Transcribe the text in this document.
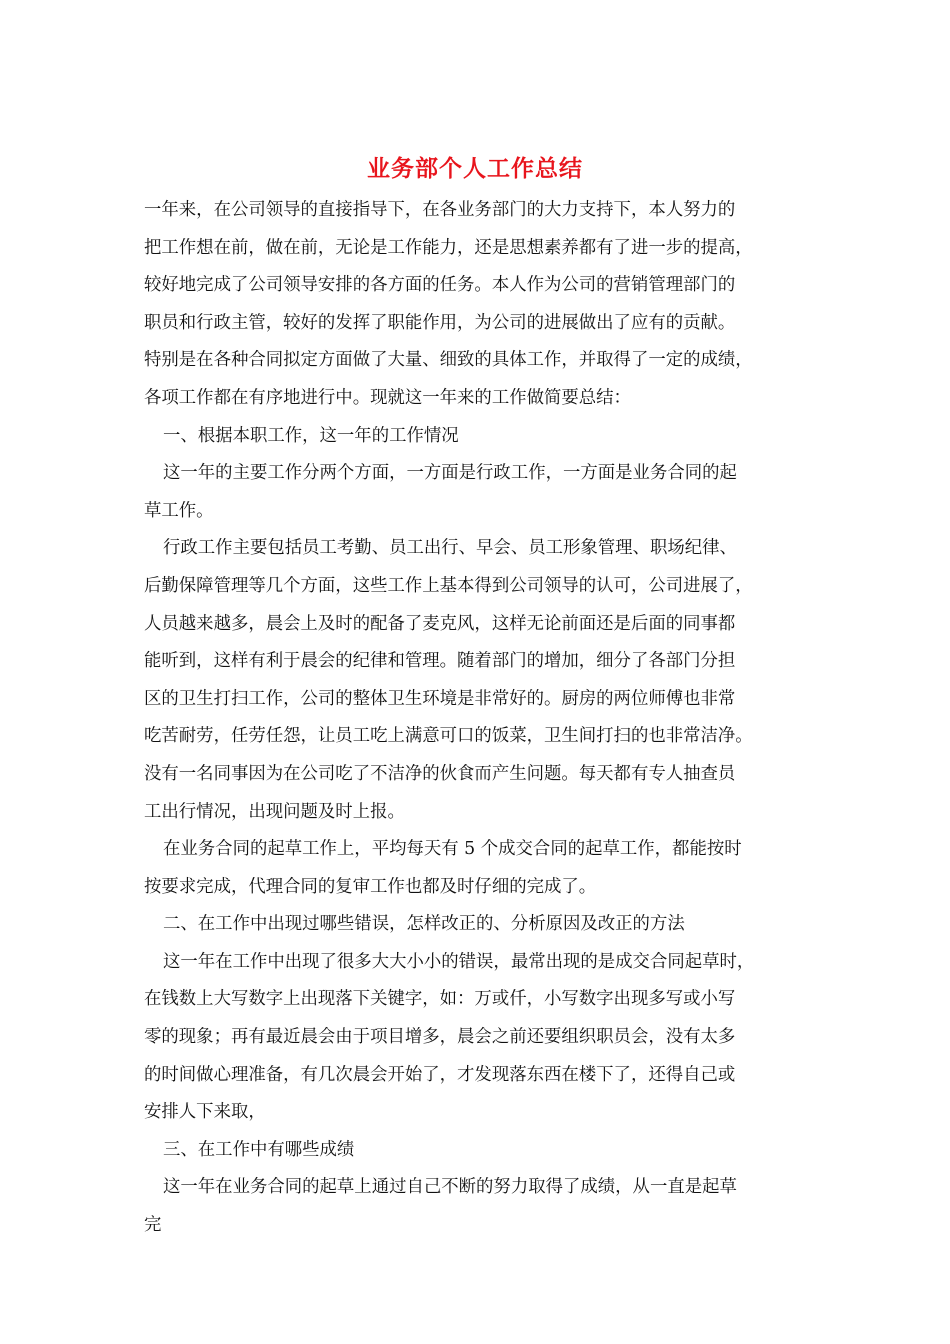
业务部个人工作总结
一年来，在公司领导的直接指导下，在各业务部门的大力支持下，本人努力的
把工作想在前，做在前，无论是工作能力，还是思想素养都有了进一步的提高，
较好地完成了公司领导安排的各方面的任务。本人作为公司的营销管理部门的
职员和行政主管，较好的发挥了职能作用，为公司的进展做出了应有的贡献。
特别是在各种合同拟定方面做了大量、细致的具体工作，并取得了一定的成绩，
各项工作都在有序地进行中。现就这一年来的工作做简要总结：
一、根据本职工作，这一年的工作情况
这一年的主要工作分两个方面，一方面是行政工作，一方面是业务合同的起
草工作。
行政工作主要包括员工考勤、员工出行、早会、员工形象管理、职场纪律、
后勤保障管理等几个方面，这些工作上基本得到公司领导的认可，公司进展了，
人员越来越多，晨会上及时的配备了麦克风，这样无论前面还是后面的同事都
能听到，这样有利于晨会的纪律和管理。随着部门的增加，细分了各部门分担
区的卫生打扫工作，公司的整体卫生环境是非常好的。厨房的两位师傅也非常
吃苦耐劳，任劳任怨，让员工吃上满意可口的饭菜，卫生间打扫的也非常洁净。
没有一名同事因为在公司吃了不洁净的伙食而产生问题。每天都有专人抽查员
工出行情况，出现问题及时上报。
在业务合同的起草工作上，平均每天有 5 个成交合同的起草工作，都能按时
按要求完成，代理合同的复审工作也都及时仔细的完成了。
二、在工作中出现过哪些错误，怎样改正的、分析原因及改正的方法
这一年在工作中出现了很多大大小小的错误，最常出现的是成交合同起草时，
在钱数上大写数字上出现落下关键字，如：万或仟，小写数字出现多写或小写
零的现象；再有最近晨会由于项目增多，晨会之前还要组织职员会，没有太多
的时间做心理准备，有几次晨会开始了，才发现落东西在楼下了，还得自己或
安排人下来取，
三、在工作中有哪些成绩
这一年在业务合同的起草上通过自己不断的努力取得了成绩，从一直是起草
完
